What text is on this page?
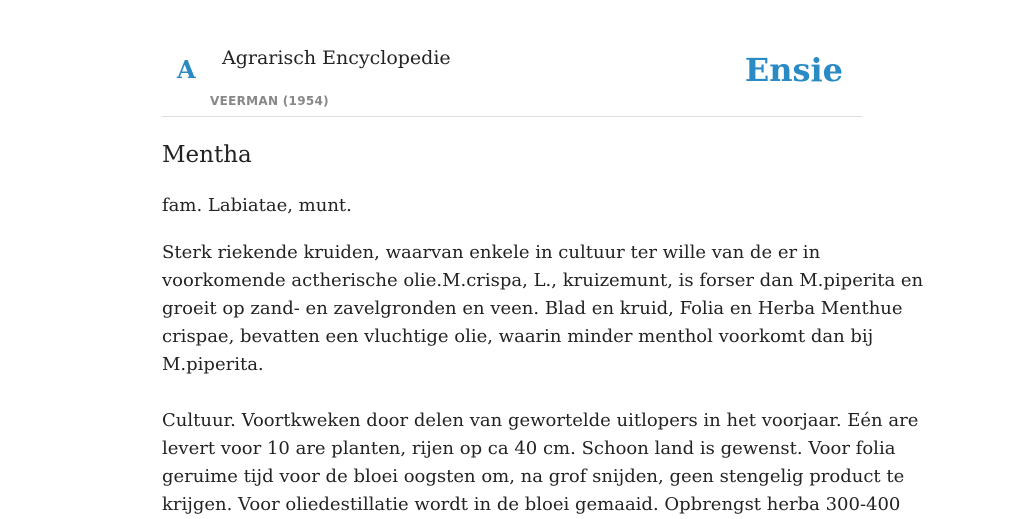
A Agrarisch Encyclopedie
VEERMAN (1954)
Ensie
Mentha

fam. Labiatae, munt.

Sterk riekende kruiden, waarvan enkele in cultuur ter wille van de er in
voorkomende actherische olie.M.crispa, L., kruizemunt, is forser dan M.piperita en
groeit op zand- en zavelgronden en veen. Blad en kruid, Folia en Herba Menthue
crispae, bevatten een vluchtige olie, waarin minder menthol voorkomt dan bij
M.piperita.

Cultuur. Voortkweken door delen van gewortelde uitlopers in het voorjaar. Eén are
levert voor 10 are planten, rijen op ca 40 cm. Schoon land is gewenst. Voor folia
geruime tijd voor de bloei oogsten om, na grof snijden, geen stengelig product te
krijgen. Voor oliedestillatie wordt in de bloei gemaaid. Opbrengst herba 300-400
